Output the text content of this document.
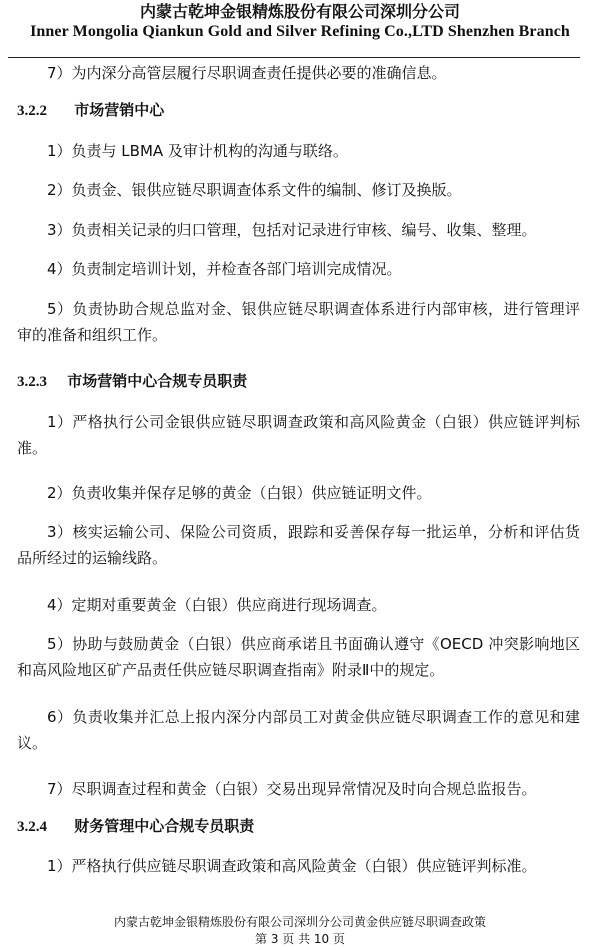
内蒙古乾坤金银精炼股份有限公司深圳分公司
Inner Mongolia Qiankun Gold and Silver Refining Co.,LTD Shenzhen Branch
7）为内深分高管层履行尽职调查责任提供必要的准确信息。
3.2.2 市场营销中心
1）负责与 LBMA 及审计机构的沟通与联络。
2）负责金、银供应链尽职调查体系文件的编制、修订及换版。
3）负责相关记录的归口管理，包括对记录进行审核、编号、收集、整理。
4）负责制定培训计划，并检查各部门培训完成情况。
5）负责协助合规总监对金、银供应链尽职调查体系进行内部审核，进行管理评审的准备和组织工作。
3.2.3 市场营销中心合规专员职责
1）严格执行公司金银供应链尽职调查政策和高风险黄金（白银）供应链评判标准。
2）负责收集并保存足够的黄金（白银）供应链证明文件。
3）核实运输公司、保险公司资质，跟踪和妥善保存每一批运单，分析和评估货品所经过的运输线路。
4）定期对重要黄金（白银）供应商进行现场调查。
5）协助与鼓励黄金（白银）供应商承诺且书面确认遵守《OECD 冲突影响地区和高风险地区矿产品责任供应链尽职调查指南》附录Ⅱ中的规定。
6）负责收集并汇总上报内深分内部员工对黄金供应链尽职调查工作的意见和建议。
7）尽职调查过程和黄金（白银）交易出现异常情况及时向合规总监报告。
3.2.4 财务管理中心合规专员职责
1）严格执行供应链尽职调查政策和高风险黄金（白银）供应链评判标准。
内蒙古乾坤金银精炼股份有限公司深圳分公司黄金供应链尽职调查政策
第 3 页 共 10 页
